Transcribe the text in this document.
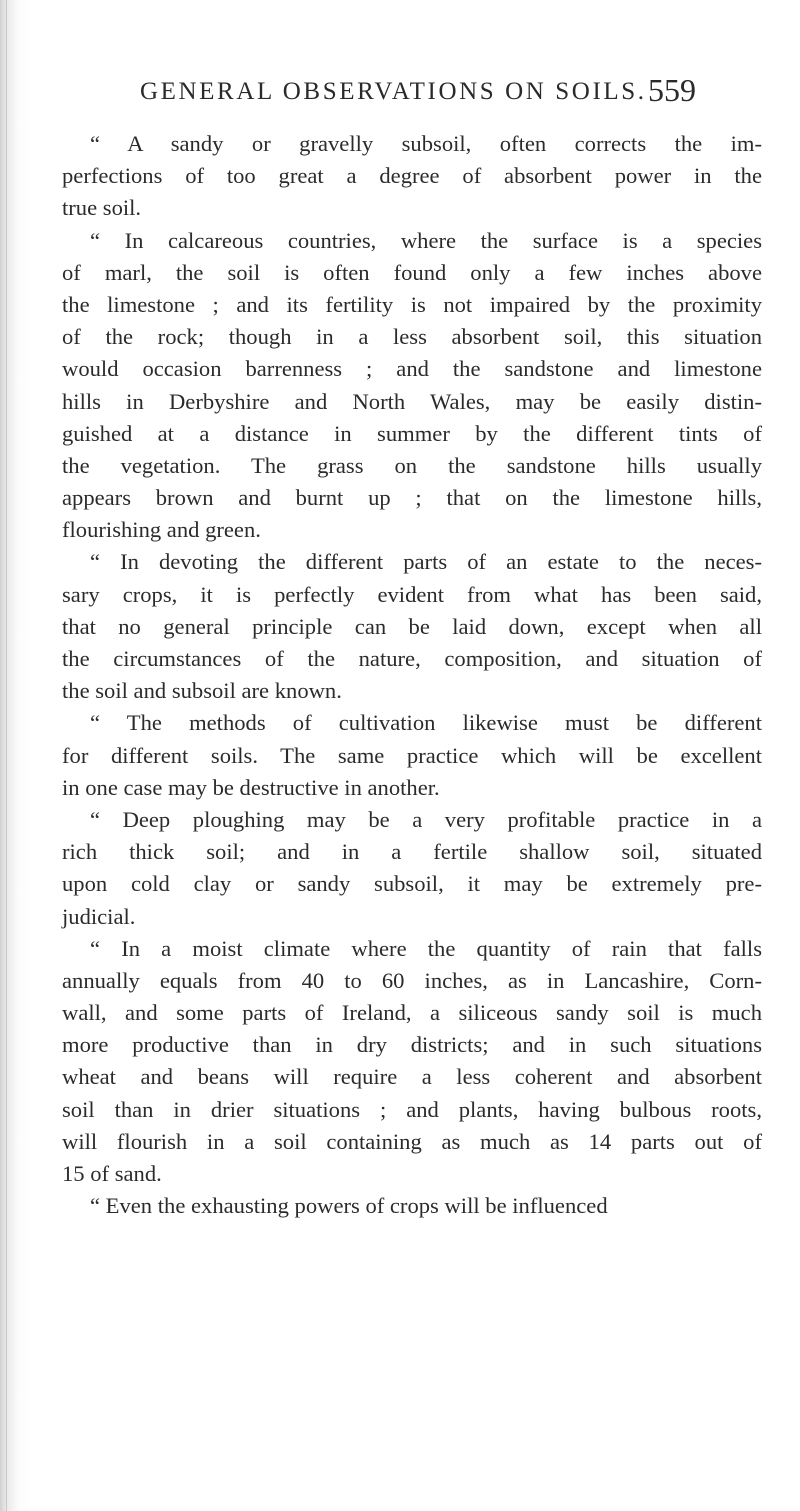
GENERAL OBSERVATIONS ON SOILS. 559
“ A sandy or gravelly subsoil, often corrects the im-
perfections of too great a degree of absorbent power in the
true soil.
“ In calcareous countries, where the surface is a species
of marl, the soil is often found only a few inches above
the limestone ; and its fertility is not impaired by the proximity
of the rock; though in a less absorbent soil, this situation
would occasion barrenness ; and the sandstone and limestone
hills in Derbyshire and North Wales, may be easily distin-
guished at a distance in summer by the different tints of
the vegetation. The grass on the sandstone hills usually
appears brown and burnt up ; that on the limestone hills,
flourishing and green.
“ In devoting the different parts of an estate to the neces-
sary crops, it is perfectly evident from what has been said,
that no general principle can be laid down, except when all
the circumstances of the nature, composition, and situation of
the soil and subsoil are known.
“ The methods of cultivation likewise must be different
for different soils. The same practice which will be excellent
in one case may be destructive in another.
“ Deep ploughing may be a very profitable practice in a
rich thick soil; and in a fertile shallow soil, situated
upon cold clay or sandy subsoil, it may be extremely pre-
judicial.
“ In a moist climate where the quantity of rain that falls
annually equals from 40 to 60 inches, as in Lancashire, Corn-
wall, and some parts of Ireland, a siliceous sandy soil is much
more productive than in dry districts; and in such situations
wheat and beans will require a less coherent and absorbent
soil than in drier situations ; and plants, having bulbous roots,
will flourish in a soil containing as much as 14 parts out of
15 of sand.
“ Even the exhausting powers of crops will be influenced
